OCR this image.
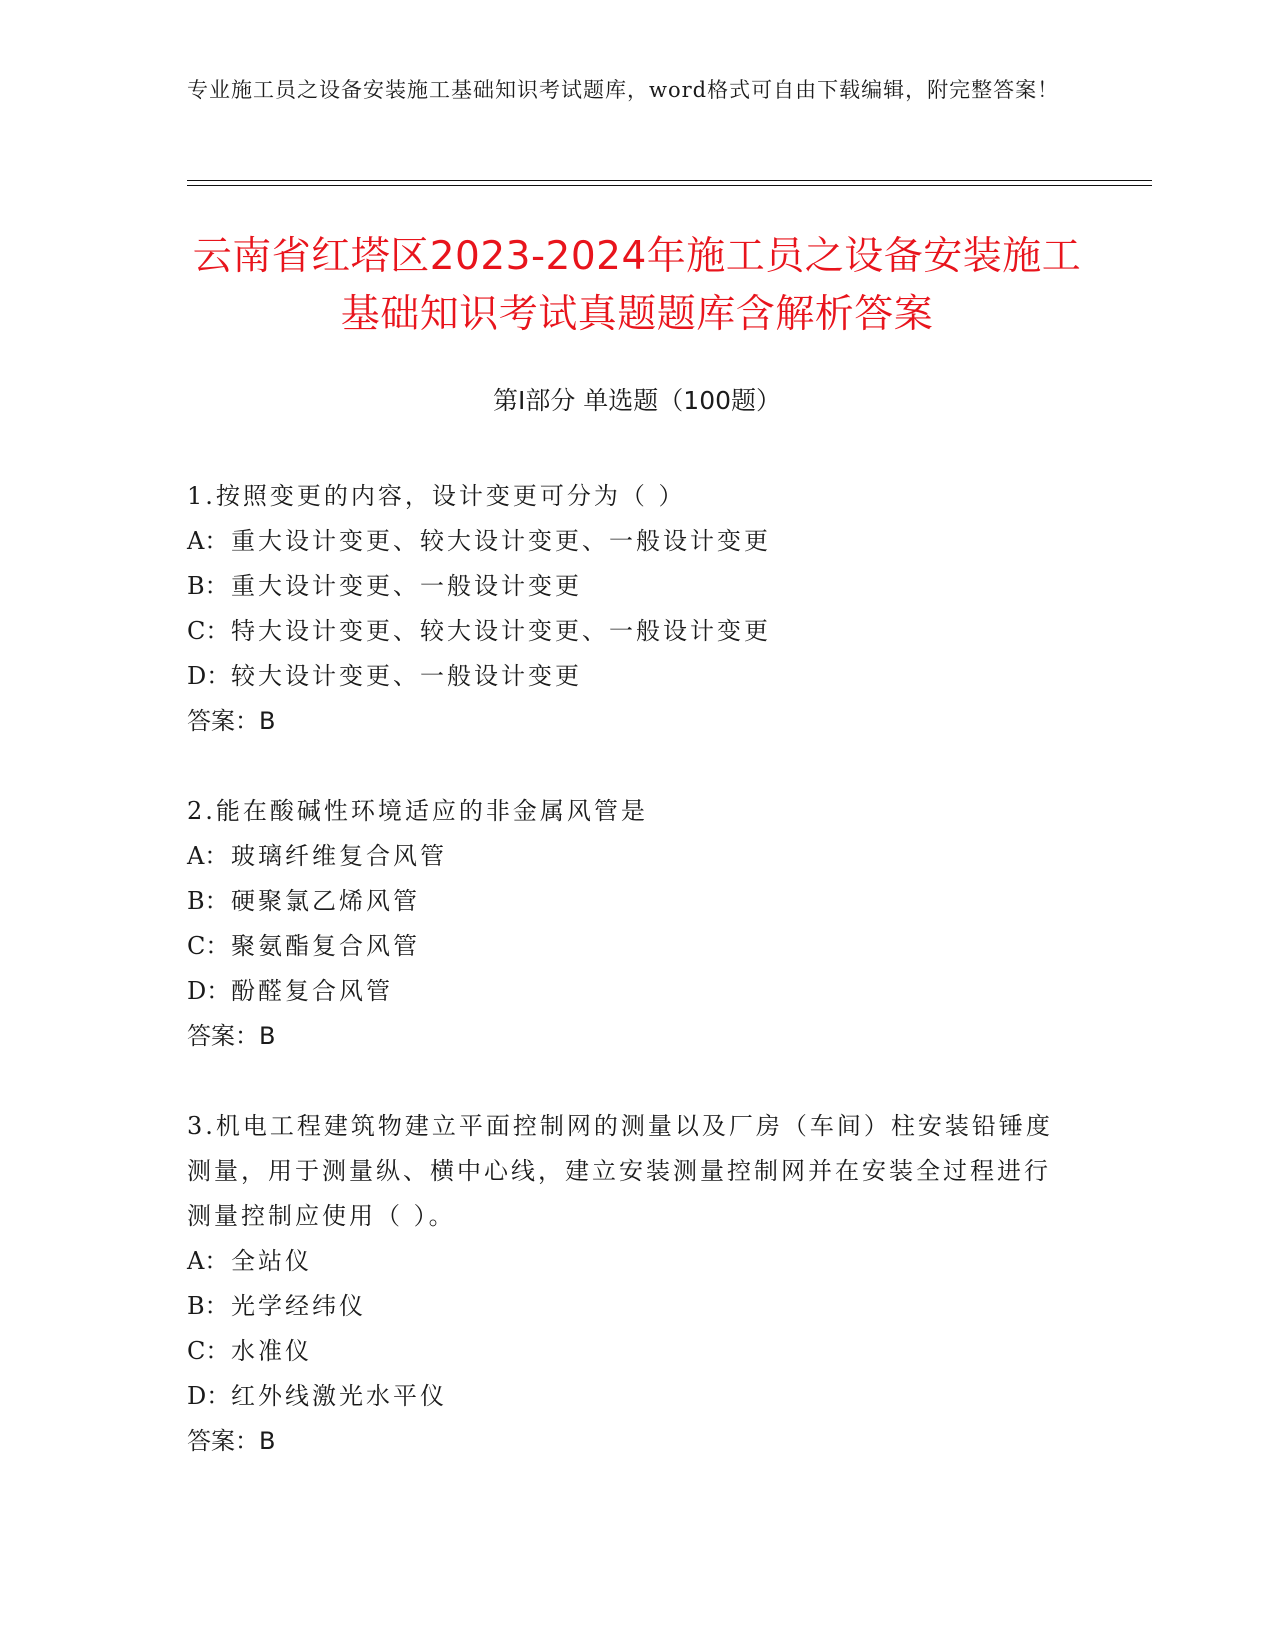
专业施工员之设备安装施工基础知识考试题库，word格式可自由下载编辑，附完整答案！
云南省红塔区2023-2024年施工员之设备安装施工基础知识考试真题题库含解析答案
第Ⅰ部分 单选题（100题）

1.按照变更的内容，设计变更可分为（ ）

A： 重大设计变更、较大设计变更、一般设计变更

B：重大设计变更、一般设计变更

C：特大设计变更、较大设计变更、一般设计变更

D：较大设计变更、一般设计变更

答案：B

2.能在酸碱性环境适应的非金属风管是

A： 玻璃纤维复合风管

B：硬聚氯乙烯风管

C：聚氨酯复合风管

D：酚醛复合风管

答案：B

3.机电工程建筑物建立平面控制网的测量以及厂房（车间）柱安装铅锤度测量，用于测量纵、横中心线，建立安装测量控制网并在安装全过程进行测量控制应使用（ ）。

A： 全站仪

B：光学经纬仪

C：水准仪

D：红外线激光水平仪

答案：B
